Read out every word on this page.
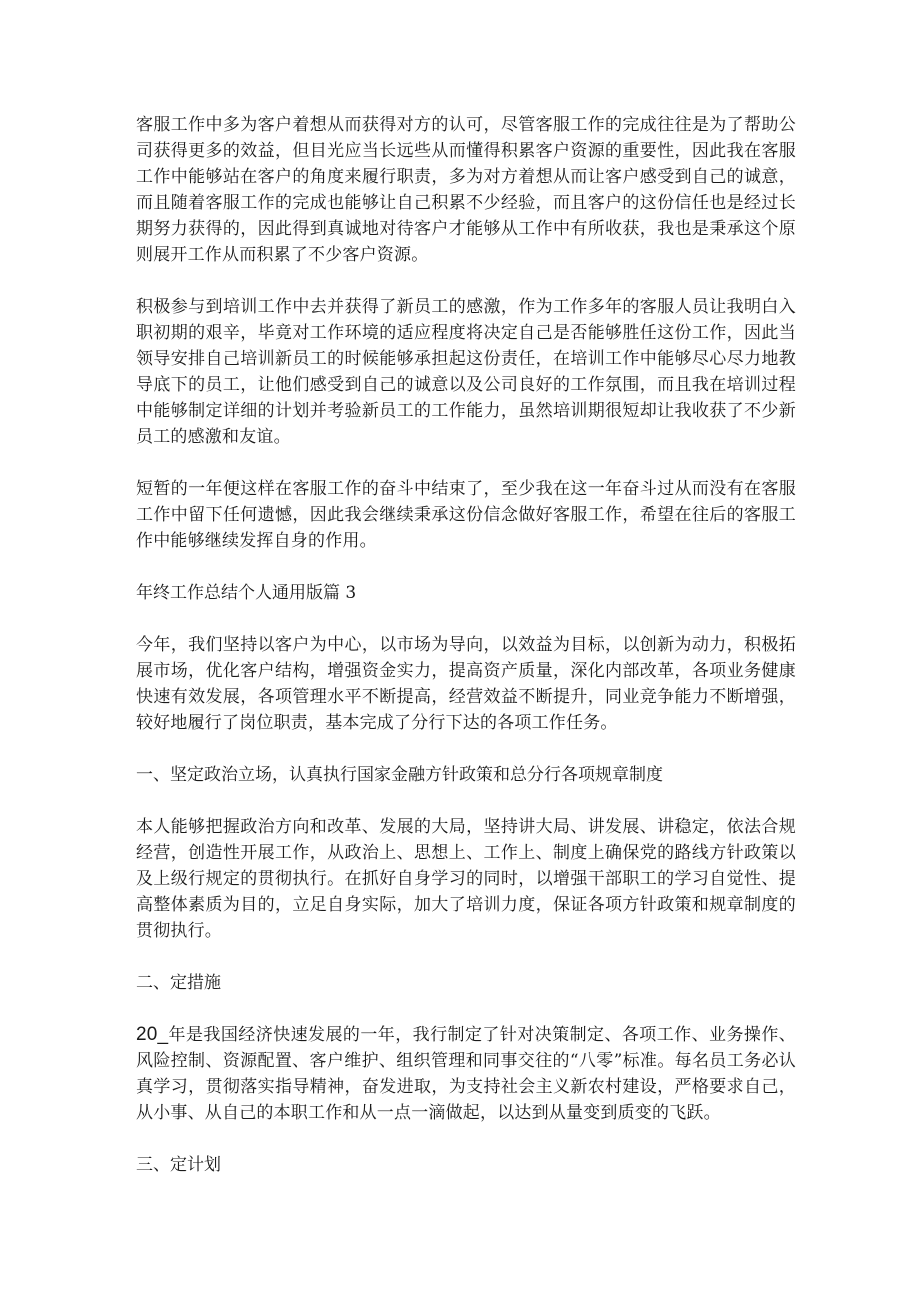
客服工作中多为客户着想从而获得对方的认可，尽管客服工作的完成往往是为了帮助公司获得更多的效益，但目光应当长远些从而懂得积累客户资源的重要性，因此我在客服工作中能够站在客户的角度来履行职责，多为对方着想从而让客户感受到自己的诚意，而且随着客服工作的完成也能够让自己积累不少经验，而且客户的这份信任也是经过长期努力获得的，因此得到真诚地对待客户才能够从工作中有所收获，我也是秉承这个原则展开工作从而积累了不少客户资源。

积极参与到培训工作中去并获得了新员工的感激，作为工作多年的客服人员让我明白入职初期的艰辛，毕竟对工作环境的适应程度将决定自己是否能够胜任这份工作，因此当领导安排自己培训新员工的时候能够承担起这份责任，在培训工作中能够尽心尽力地教导底下的员工，让他们感受到自己的诚意以及公司良好的工作氛围，而且我在培训过程中能够制定详细的计划并考验新员工的工作能力，虽然培训期很短却让我收获了不少新员工的感激和友谊。

短暂的一年便这样在客服工作的奋斗中结束了，至少我在这一年奋斗过从而没有在客服工作中留下任何遗憾，因此我会继续秉承这份信念做好客服工作，希望在往后的客服工作中能够继续发挥自身的作用。

年终工作总结个人通用版篇 3

今年，我们坚持以客户为中心，以市场为导向，以效益为目标，以创新为动力，积极拓展市场，优化客户结构，增强资金实力，提高资产质量，深化内部改革，各项业务健康快速有效发展，各项管理水平不断提高，经营效益不断提升，同业竞争能力不断增强，较好地履行了岗位职责，基本完成了分行下达的各项工作任务。

一、坚定政治立场，认真执行国家金融方针政策和总分行各项规章制度

本人能够把握政治方向和改革、发展的大局，坚持讲大局、讲发展、讲稳定，依法合规经营，创造性开展工作，从政治上、思想上、工作上、制度上确保党的路线方针政策以及上级行规定的贯彻执行。在抓好自身学习的同时，以增强干部职工的学习自觉性、提高整体素质为目的，立足自身实际，加大了培训力度，保证各项方针政策和规章制度的贯彻执行。

二、定措施

20_年是我国经济快速发展的一年，我行制定了针对决策制定、各项工作、业务操作、风险控制、资源配置、客户维护、组织管理和同事交往的“八零”标准。每名员工务必认真学习，贯彻落实指导精神，奋发进取，为支持社会主义新农村建设，严格要求自己，从小事、从自己的本职工作和从一点一滴做起，以达到从量变到质变的飞跃。

三、定计划
